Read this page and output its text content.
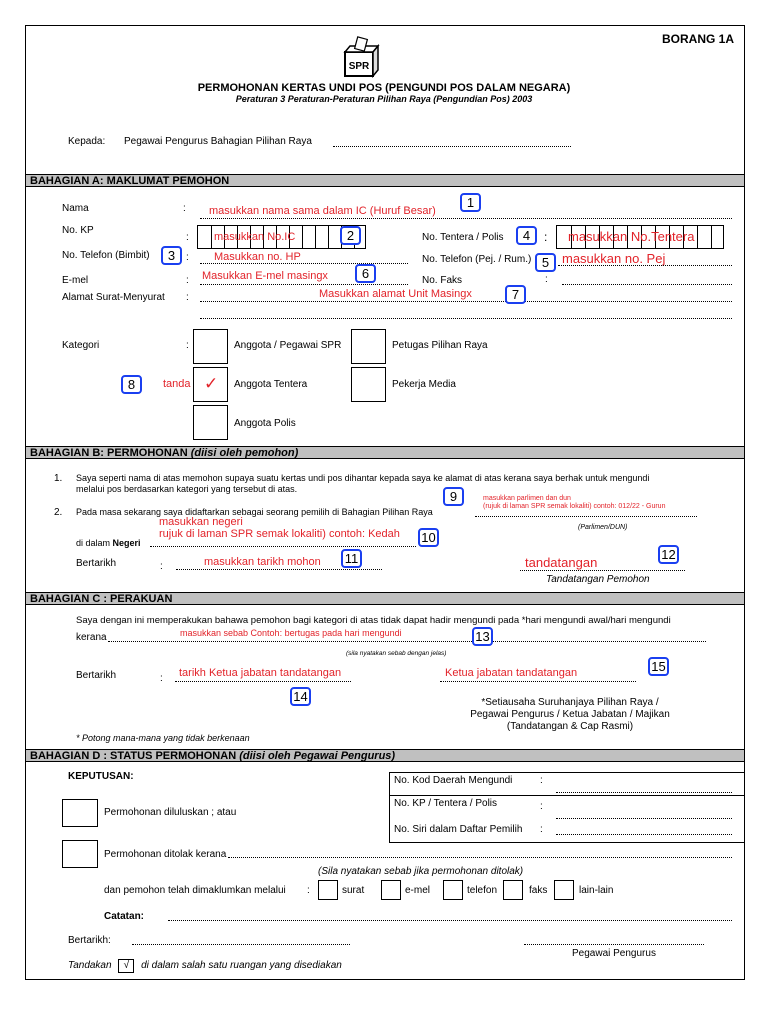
BORANG 1A
SPR
PERMOHONAN KERTAS UNDI POS (PENGUNDI POS DALAM NEGARA)
Peraturan 3 Peraturan-Peraturan Pilihan Raya (Pengundian Pos) 2003
Kepada: Pegawai Pengurus Bahagian Pilihan Raya
BAHAGIAN A: MAKLUMAT PEMOHON
Nama	: masukkan nama sama dalam IC (Huruf Besar)
1
No. KP
: masukkan No.IC	2	No. Tentera / Polis	4	: masukkan No.Tentera
No. Telefon (Bimbit)	3	: Masukkan no. HP	No. Telefon (Pej. / Rum.) 5 masukkan no. Pej
E-mel	: Masukkan E-mel masingx	6	No. Faks	:
Alamat Surat-Menyurat :	Masukkan alamat Unit Masingx	7
Kategori	:	Anggota / Pegawai SPR	Petugas Pilihan Raya
8	tanda ✓ Anggota Tentera	Pekerja Media
Anggota Polis
BAHAGIAN B: PERMOHONAN (diisi oleh pemohon)
1. Saya seperti nama di atas memohon supaya suatu kertas undi pos dihantar kepada saya ke alamat di atas kerana saya berhak untuk mengundi
melalui pos berdasarkan kategori yang tersebut di atas.	9	masukkan parlimen dan dun
(rujuk di laman SPR semak lokaliti) contoh: 012/22 - Gurun
2. Pada masa sekarang saya didaftarkan sebagai seorang pemilih di Bahagian Pilihan Raya
(Parlimen/DUN)
masukkan negeri
rujuk di laman SPR semak lokaliti) contoh: Kedah
di dalam Negeri	10
Bertarikh	:	masukkan tarikh mohon 11	tandatangan
12
Tandatangan Pemohon
BAHAGIAN C : PERAKUAN
Saya dengan ini memperakukan bahawa pemohon bagi kategori di atas tidak dapat hadir mengundi pada *hari mengundi awal/hari mengundi
kerana	masukkan sebab Contoh: bertugas pada hari mengundi	13
(sila nyatakan sebab dengan jelas)
Bertarikh	: tarikh Ketua jabatan tandatangan
14
Ketua jabatan tandatangan	15
*Setiausaha Suruhanjaya Pilihan Raya /
Pegawai Pengurus / Ketua Jabatan / Majikan
(Tandatangan & Cap Rasmi)
* Potong mana-mana yang tidak berkenaan
BAHAGIAN D : STATUS PERMOHONAN (diisi oleh Pegawai Pengurus)
KEPUTUSAN:	No. Kod Daerah Mengundi	:
No. KP / Tentera / Polis	:
No. Siri dalam Daftar Pemilih :
Permohonan diluluskan ; atau
Permohonan ditolak kerana
(Sila nyatakan sebab jika permohonan ditolak)
dan pemohon telah dimaklumkan melalui :	surat	e-mel	telefon	faks	lain-lain
Catatan:
Bertarikh:
Pegawai Pengurus
Tandakan √ di dalam salah satu ruangan yang disediakan
